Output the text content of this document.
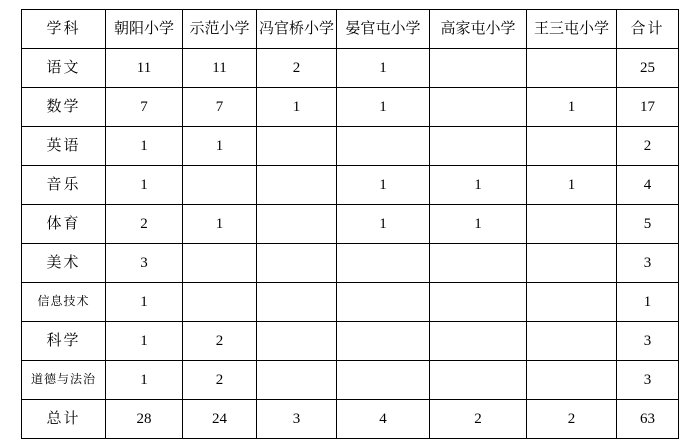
学科	朝阳小学	示范小学	冯官桥小学	晏官屯小学	高家屯小学	王三屯小学	合计
语文	11	11	2	1			25
数学	7	7	1	1		1	17
英语	1	1					2
音乐	1			1	1	1	4
体育	2	1		1	1		5
美术	3						3
信息技术	1						1
科学	1	2					3
道德与法治	1	2					3
总计	28	24	3	4	2	2	63
